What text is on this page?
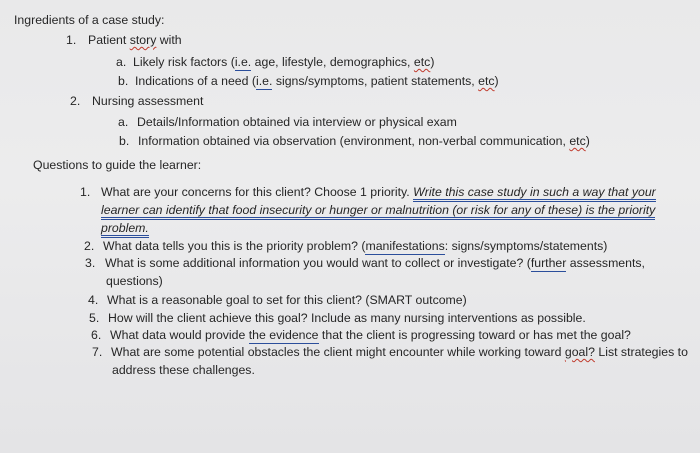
Ingredients of a case study:
1. Patient story with
a. Likely risk factors (i.e. age, lifestyle, demographics, etc)
b. Indications of a need (i.e. signs/symptoms, patient statements, etc)
2. Nursing assessment
a. Details/Information obtained via interview or physical exam
b. Information obtained via observation (environment, non-verbal communication, etc)
Questions to guide the learner:
1. What are your concerns for this client? Choose 1 priority. Write this case study in such a way that your
learner can identify that food insecurity or hunger or malnutrition (or risk for any of these) is the priority
problem.
2. What data tells you this is the priority problem? (manifestations: signs/symptoms/statements)
3. What is some additional information you would want to collect or investigate? (further assessments,
questions)
4. What is a reasonable goal to set for this client? (SMART outcome)
5. How will the client achieve this goal? Include as many nursing interventions as possible.
6. What data would provide the evidence that the client is progressing toward or has met the goal?
7. What are some potential obstacles the client might encounter while working toward goal? List strategies to
address these challenges.
